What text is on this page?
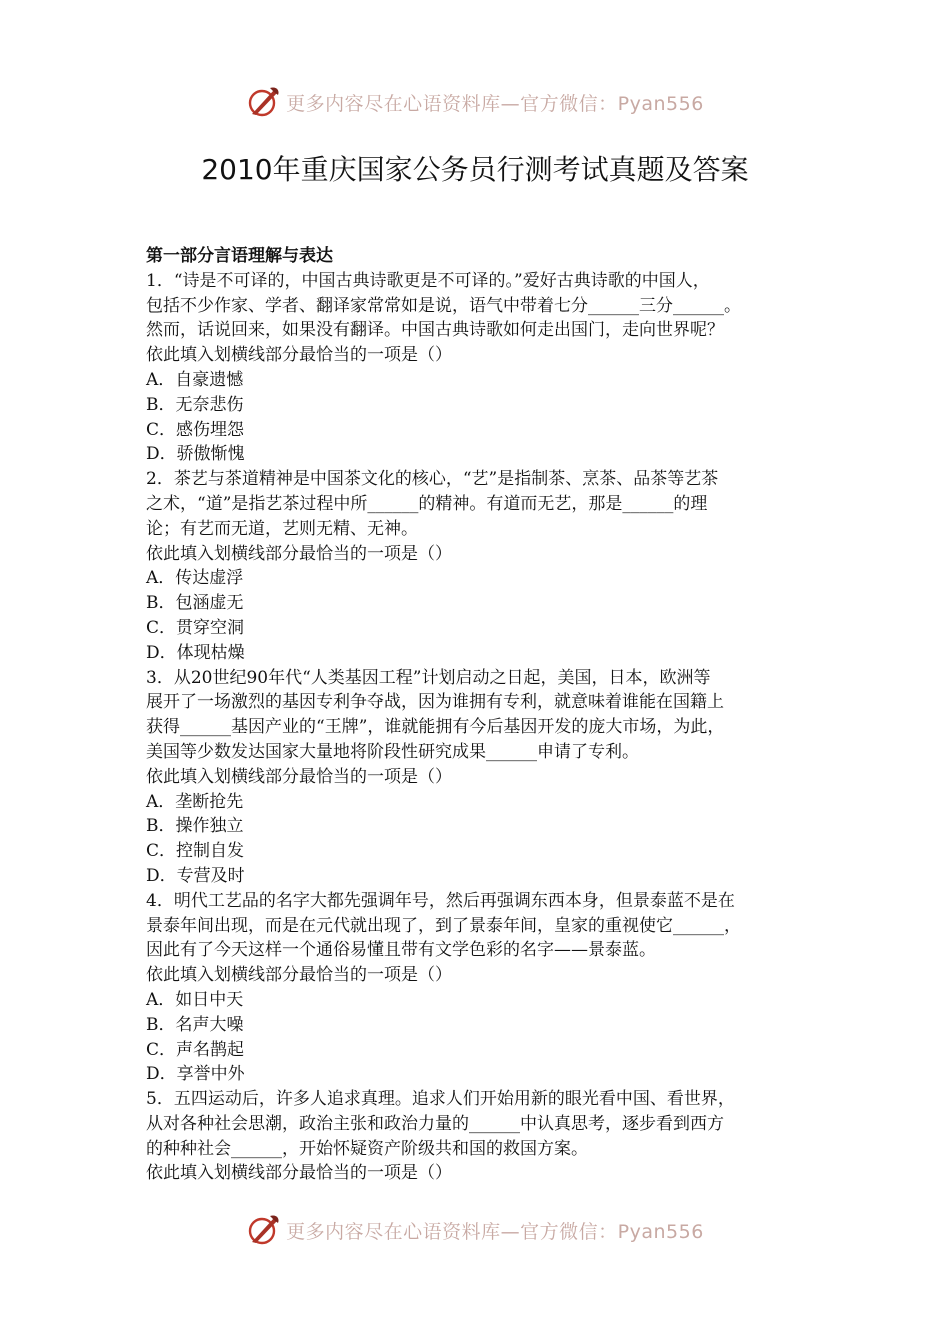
更多内容尽在心语资料库—官方微信：Pyan556
2010年重庆国家公务员行测考试真题及答案
第一部分言语理解与表达
1．“诗是不可译的，中国古典诗歌更是不可译的。”爱好古典诗歌的中国人，
包括不少作家、学者、翻译家常常如是说，语气中带着七分______三分______。
然而，话说回来，如果没有翻译。中国古典诗歌如何走出国门，走向世界呢？
依此填入划横线部分最恰当的一项是（）
A．自豪遗憾
B．无奈悲伤
C．感伤埋怨
D．骄傲惭愧
2．茶艺与茶道精神是中国茶文化的核心，“艺”是指制茶、烹茶、品茶等艺茶
之术，“道”是指艺茶过程中所______的精神。有道而无艺，那是______的理
论；有艺而无道，艺则无精、无神。
依此填入划横线部分最恰当的一项是（）
A．传达虚浮
B．包涵虚无
C．贯穿空洞
D．体现枯燥
3．从20世纪90年代“人类基因工程”计划启动之日起，美国，日本，欧洲等
展开了一场激烈的基因专利争夺战，因为谁拥有专利，就意味着谁能在国籍上
获得______基因产业的“王牌”，谁就能拥有今后基因开发的庞大市场，为此，
美国等少数发达国家大量地将阶段性研究成果______申请了专利。
依此填入划横线部分最恰当的一项是（）
A．垄断抢先
B．操作独立
C．控制自发
D．专营及时
4．明代工艺品的名字大都先强调年号，然后再强调东西本身，但景泰蓝不是在
景泰年间出现，而是在元代就出现了，到了景泰年间，皇家的重视使它______，
因此有了今天这样一个通俗易懂且带有文学色彩的名字——景泰蓝。
依此填入划横线部分最恰当的一项是（）
A．如日中天
B．名声大噪
C．声名鹊起
D．享誉中外
5．五四运动后，许多人追求真理。追求人们开始用新的眼光看中国、看世界，
从对各种社会思潮，政治主张和政治力量的______中认真思考，逐步看到西方
的种种社会______，开始怀疑资产阶级共和国的救国方案。
依此填入划横线部分最恰当的一项是（）
更多内容尽在心语资料库—官方微信：Pyan556
